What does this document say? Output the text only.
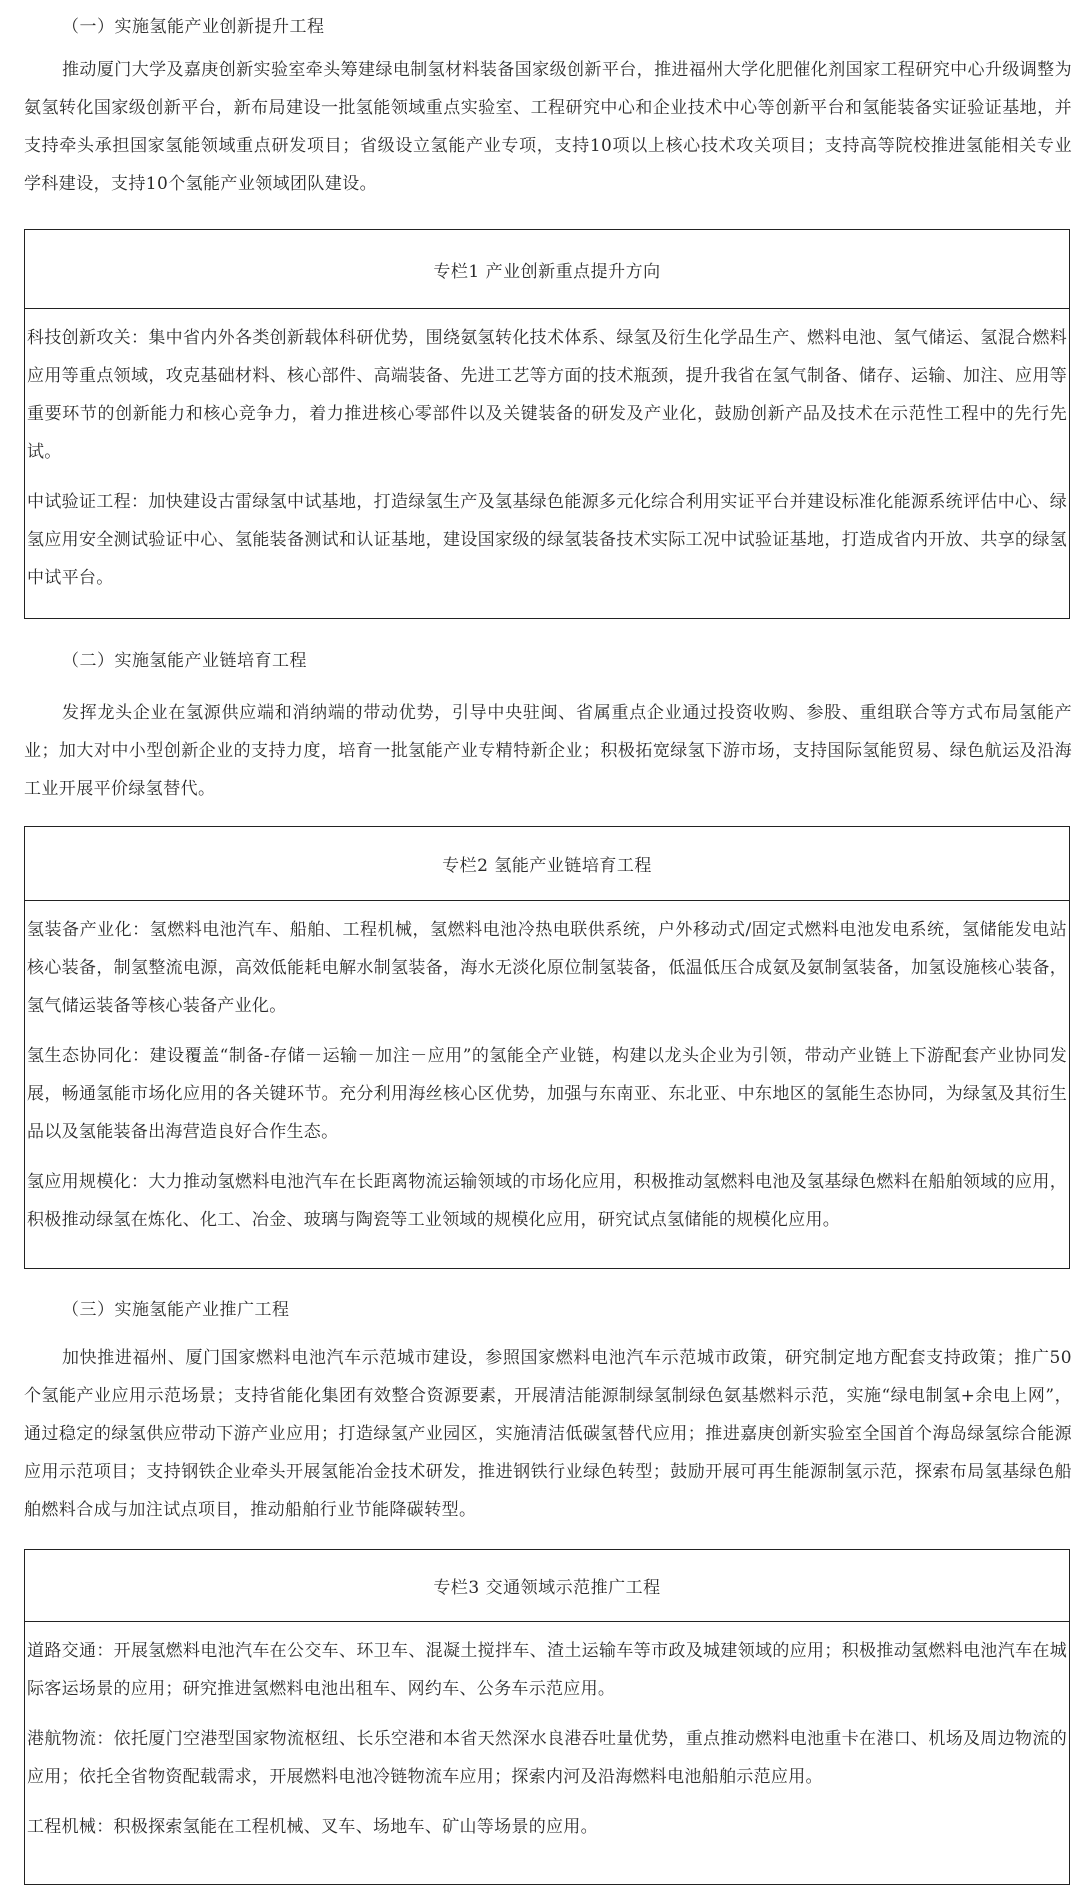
（一）实施氢能产业创新提升工程
推动厦门大学及嘉庚创新实验室牵头筹建绿电制氢材料装备国家级创新平台，推进福州大学化肥催化剂国家工程研究中心升级调整为氨氢转化国家级创新平台，新布局建设一批氢能领域重点实验室、工程研究中心和企业技术中心等创新平台和氢能装备实证验证基地，并支持牵头承担国家氢能领域重点研发项目；省级设立氢能产业专项，支持10项以上核心技术攻关项目；支持高等院校推进氢能相关专业学科建设，支持10个氢能产业领域团队建设。
专栏1 产业创新重点提升方向

科技创新攻关：集中省内外各类创新载体科研优势，围绕氨氢转化技术体系、绿氢及衍生化学品生产、燃料电池、氢气储运、氢混合燃料应用等重点领域，攻克基础材料、核心部件、高端装备、先进工艺等方面的技术瓶颈，提升我省在氢气制备、储存、运输、加注、应用等重要环节的创新能力和核心竞争力，着力推进核心零部件以及关键装备的研发及产业化，鼓励创新产品及技术在示范性工程中的先行先试。

中试验证工程：加快建设古雷绿氢中试基地，打造绿氢生产及氢基绿色能源多元化综合利用实证平台并建设标准化能源系统评估中心、绿氢应用安全测试验证中心、氢能装备测试和认证基地，建设国家级的绿氢装备技术实际工况中试验证基地，打造成省内开放、共享的绿氢中试平台。

（二）实施氢能产业链培育工程
发挥龙头企业在氢源供应端和消纳端的带动优势，引导中央驻闽、省属重点企业通过投资收购、参股、重组联合等方式布局氢能产业；加大对中小型创新企业的支持力度，培育一批氢能产业专精特新企业；积极拓宽绿氢下游市场，支持国际氢能贸易、绿色航运及沿海工业开展平价绿氢替代。
专栏2 氢能产业链培育工程

氢装备产业化：氢燃料电池汽车、船舶、工程机械，氢燃料电池冷热电联供系统，户外移动式/固定式燃料电池发电系统，氢储能发电站核心装备，制氢整流电源，高效低能耗电解水制氢装备，海水无淡化原位制氢装备，低温低压合成氨及氨制氢装备，加氢设施核心装备，氢气储运装备等核心装备产业化。

氢生态协同化：建设覆盖“制备-存储－运输－加注－应用”的氢能全产业链，构建以龙头企业为引领，带动产业链上下游配套产业协同发展，畅通氢能市场化应用的各关键环节。充分利用海丝核心区优势，加强与东南亚、东北亚、中东地区的氢能生态协同，为绿氢及其衍生品以及氢能装备出海营造良好合作生态。

氢应用规模化：大力推动氢燃料电池汽车在长距离物流运输领域的市场化应用，积极推动氢燃料电池及氢基绿色燃料在船舶领域的应用，积极推动绿氢在炼化、化工、冶金、玻璃与陶瓷等工业领域的规模化应用，研究试点氢储能的规模化应用。

（三）实施氢能产业推广工程
加快推进福州、厦门国家燃料电池汽车示范城市建设，参照国家燃料电池汽车示范城市政策，研究制定地方配套支持政策；推广50个氢能产业应用示范场景；支持省能化集团有效整合资源要素，开展清洁能源制绿氢制绿色氨基燃料示范，实施“绿电制氢+余电上网”，通过稳定的绿氢供应带动下游产业应用；打造绿氢产业园区，实施清洁低碳氢替代应用；推进嘉庚创新实验室全国首个海岛绿氢综合能源应用示范项目；支持钢铁企业牵头开展氢能冶金技术研发，推进钢铁行业绿色转型；鼓励开展可再生能源制氢示范，探索布局氢基绿色船舶燃料合成与加注试点项目，推动船舶行业节能降碳转型。
专栏3 交通领域示范推广工程

道路交通：开展氢燃料电池汽车在公交车、环卫车、混凝土搅拌车、渣土运输车等市政及城建领域的应用；积极推动氢燃料电池汽车在城际客运场景的应用；研究推进氢燃料电池出租车、网约车、公务车示范应用。

港航物流：依托厦门空港型国家物流枢纽、长乐空港和本省天然深水良港吞吐量优势，重点推动燃料电池重卡在港口、机场及周边物流的应用；依托全省物资配载需求，开展燃料电池冷链物流车应用；探索内河及沿海燃料电池船舶示范应用。

工程机械：积极探索氢能在工程机械、叉车、场地车、矿山等场景的应用。
